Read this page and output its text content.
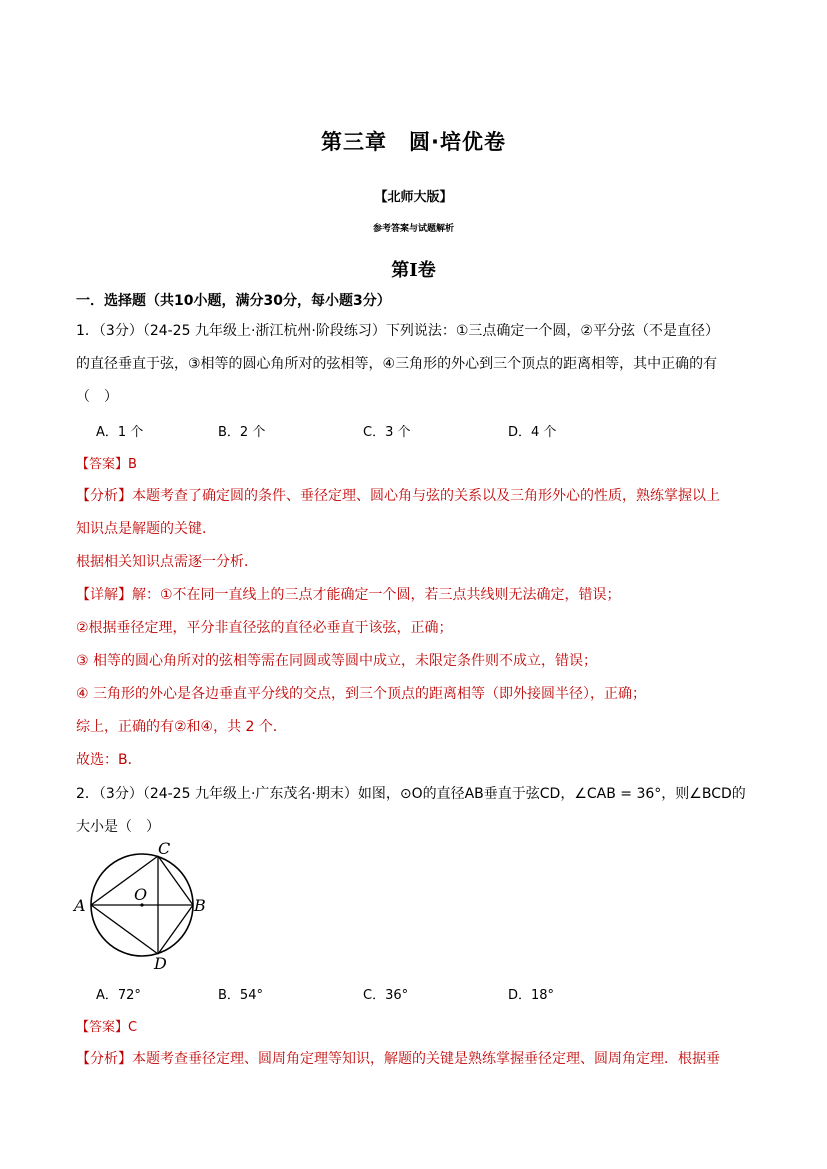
第三章　圆·培优卷
【北师大版】
参考答案与试题解析
第Ⅰ卷
一．选择题（共10小题，满分30分，每小题3分）
1．（3分）（24-25 九年级上·浙江杭州·阶段练习）下列说法：①三点确定一个圆，②平分弦（不是直径）
的直径垂直于弦，③相等的圆心角所对的弦相等，④三角形的外心到三个顶点的距离相等，其中正确的有
（　）
A．1 个	B．2 个	C．3 个	D．4 个
【答案】B
【分析】本题考查了确定圆的条件、垂径定理、圆心角与弦的关系以及三角形外心的性质，熟练掌握以上
知识点是解题的关键．
根据相关知识点需逐一分析．
【详解】解：①不在同一直线上的三点才能确定一个圆，若三点共线则无法确定，错误；
②根据垂径定理，平分非直径弦的直径必垂直于该弦，正确；
③ 相等的圆心角所对的弦相等需在同圆或等圆中成立，未限定条件则不成立，错误；
④ 三角形的外心是各边垂直平分线的交点，到三个顶点的距离相等（即外接圆半径），正确；
综上，正确的有②和④，共 2 个．
故选：B．
2．（3分）（24-25 九年级上·广东茂名·期末）如图，⊙O的直径AB垂直于弦CD，∠CAB = 36°，则∠BCD的
大小是（　）
A	B
C
D
O
A．72°	B．54°	C．36°	D．18°
【答案】C
【分析】本题考查垂径定理、圆周角定理等知识，解题的关键是熟练掌握垂径定理、圆周角定理．根据垂
